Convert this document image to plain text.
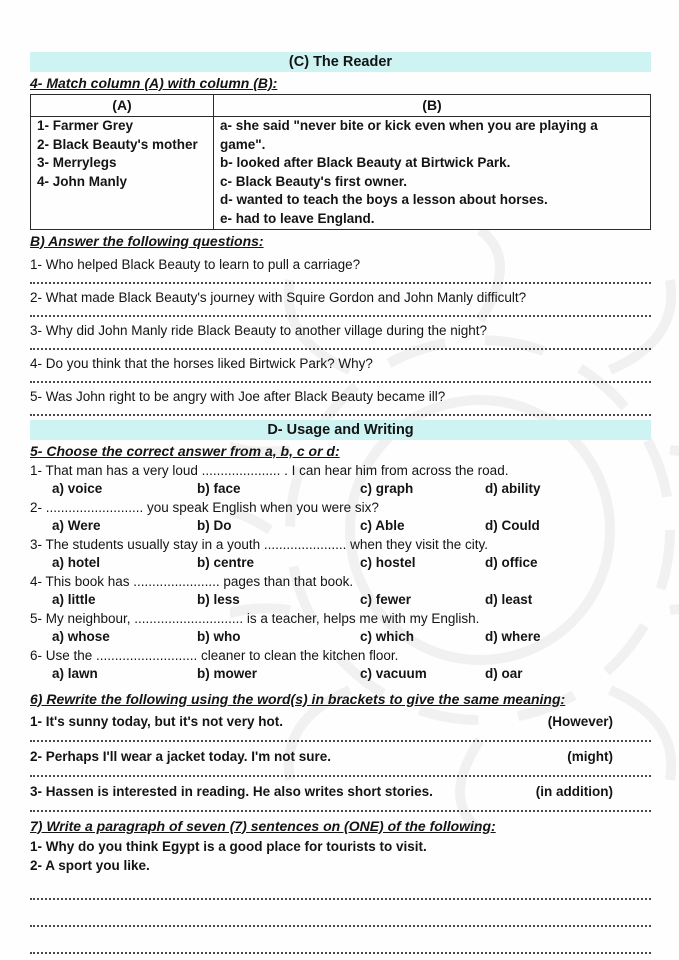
(C) The Reader
4- Match column (A) with column (B):
(A)	(B)

1- Farmer Grey
2- Black Beauty's mother
3- Merrylegs
4- John Manly

a- she said "never bite or kick even when you are playing a game".
b- looked after Black Beauty at Birtwick Park.
c- Black Beauty's first owner.
d- wanted to teach the boys a lesson about horses.
e- had to leave England.
B) Answer the following questions:
1- Who helped Black Beauty to learn to pull a carriage?
2- What made Black Beauty's journey with Squire Gordon and John Manly difficult?
3- Why did John Manly ride Black Beauty to another village during the night?
4- Do you think that the horses liked Birtwick Park? Why?
5- Was John right to be angry with Joe after Black Beauty became ill?
D- Usage and Writing
5- Choose the correct answer from a, b, c or d:
1- That man has a very loud ..................... . I can hear him from across the road.
a) voice	b) face	c) graph	d) ability
2- .......................... you speak English when you were six?
a) Were	b) Do	c) Able	d) Could
3- The students usually stay in a youth ...................... when they visit the city.
a) hotel	b) centre	c) hostel	d) office
4- This book has ....................... pages than that book.
a) little	b) less	c) fewer	d) least
5- My neighbour, ............................. is a teacher, helps me with my English.
a) whose	b) who	c) which	d) where
6- Use the ........................... cleaner to clean the kitchen floor.
a) lawn	b) mower	c) vacuum	d) oar
6) Rewrite the following using the word(s) in brackets to give the same meaning:
1- It's sunny today, but it's not very hot.	(However)
2- Perhaps I'll wear a jacket today. I'm not sure.	(might)
3- Hassen is interested in reading. He also writes short stories.	(in addition)
7) Write a paragraph of seven (7) sentences on (ONE) of the following:
1- Why do you think Egypt is a good place for tourists to visit.
2- A sport you like.
